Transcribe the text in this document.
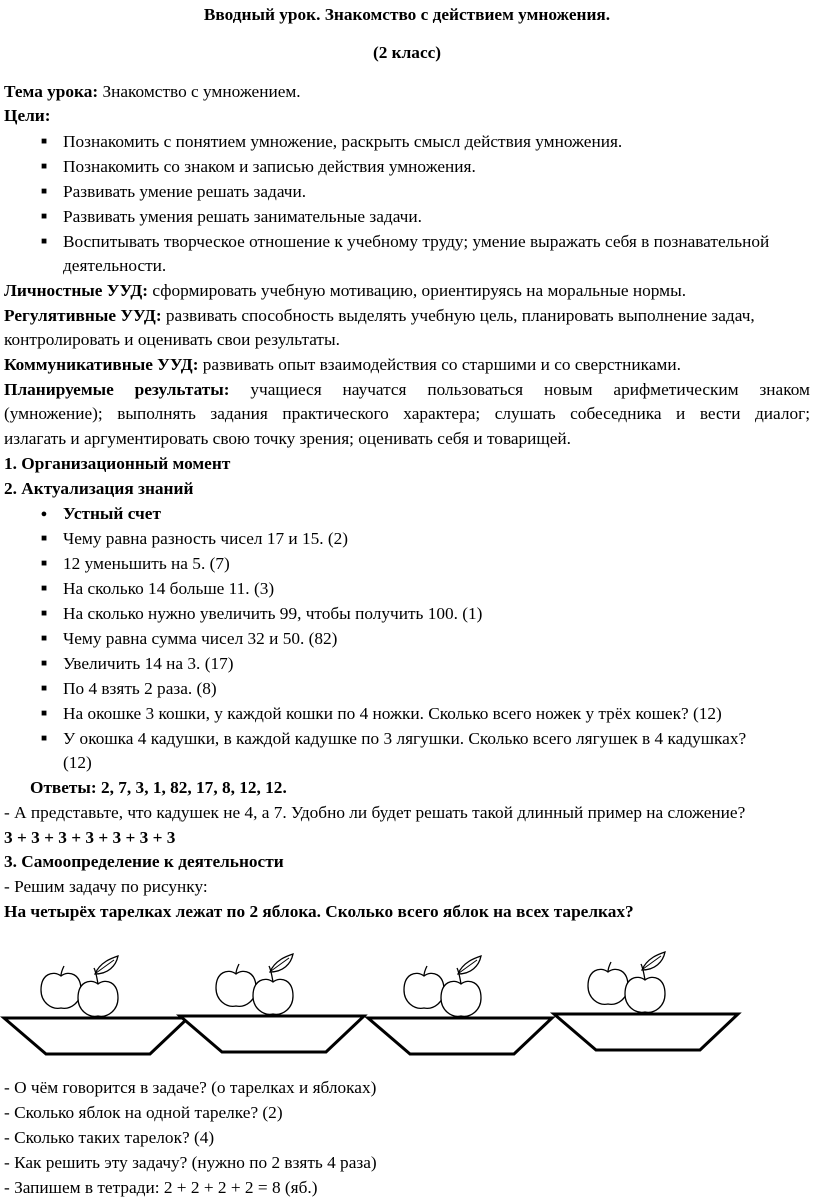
Вводный урок. Знакомство с действием умножения.
(2 класс)
Тема урока: Знакомство с умножением.
Цели:
■ Познакомить с понятием умножение, раскрыть смысл действия умножения.
■ Познакомить со знаком и записью действия умножения.
■ Развивать умение решать задачи.
■ Развивать умения решать занимательные задачи.
■ Воспитывать творческое отношение к учебному труду; умение выражать себя в познавательной
деятельности.
Личностные УУД: сформировать учебную мотивацию, ориентируясь на моральные нормы.
Регулятивные УУД: развивать способность выделять учебную цель, планировать выполнение задач,
контролировать и оценивать свои результаты.
Коммуникативные УУД: развивать опыт взаимодействия со старшими и со сверстниками.
Планируемые результаты: учащиеся научатся пользоваться новым арифметическим знаком
(умножение); выполнять задания практического характера; слушать собеседника и вести диалог;
излагать и аргументировать свою точку зрения; оценивать себя и товарищей.
1. Организационный момент
2. Актуализация знаний
● Устный счет
■ Чему равна разность чисел 17 и 15. (2)
■ 12 уменьшить на 5. (7)
■ На сколько 14 больше 11. (3)
■ На сколько нужно увеличить 99, чтобы получить 100. (1)
■ Чему равна сумма чисел 32 и 50. (82)
■ Увеличить 14 на 3. (17)
■ По 4 взять 2 раза. (8)
■ На окошке 3 кошки, у каждой кошки по 4 ножки. Сколько всего ножек у трёх кошек? (12)
■ У окошка 4 кадушки, в каждой кадушке по 3 лягушки. Сколько всего лягушек в 4 кадушках?
(12)
Ответы: 2, 7, 3, 1, 82, 17, 8, 12, 12.
- А представьте, что кадушек не 4, а 7. Удобно ли будет решать такой длинный пример на сложение?
3 + 3 + 3 + 3 + 3 + 3 + 3
3. Самоопределение к деятельности
- Решим задачу по рисунку:
На четырёх тарелках лежат по 2 яблока. Сколько всего яблок на всех тарелках?
- О чём говорится в задаче? (о тарелках и яблоках)
- Сколько яблок на одной тарелке? (2)
- Сколько таких тарелок? (4)
- Как решить эту задачу? (нужно по 2 взять 4 раза)
- Запишем в тетради: 2 + 2 + 2 + 2 = 8 (яб.)
